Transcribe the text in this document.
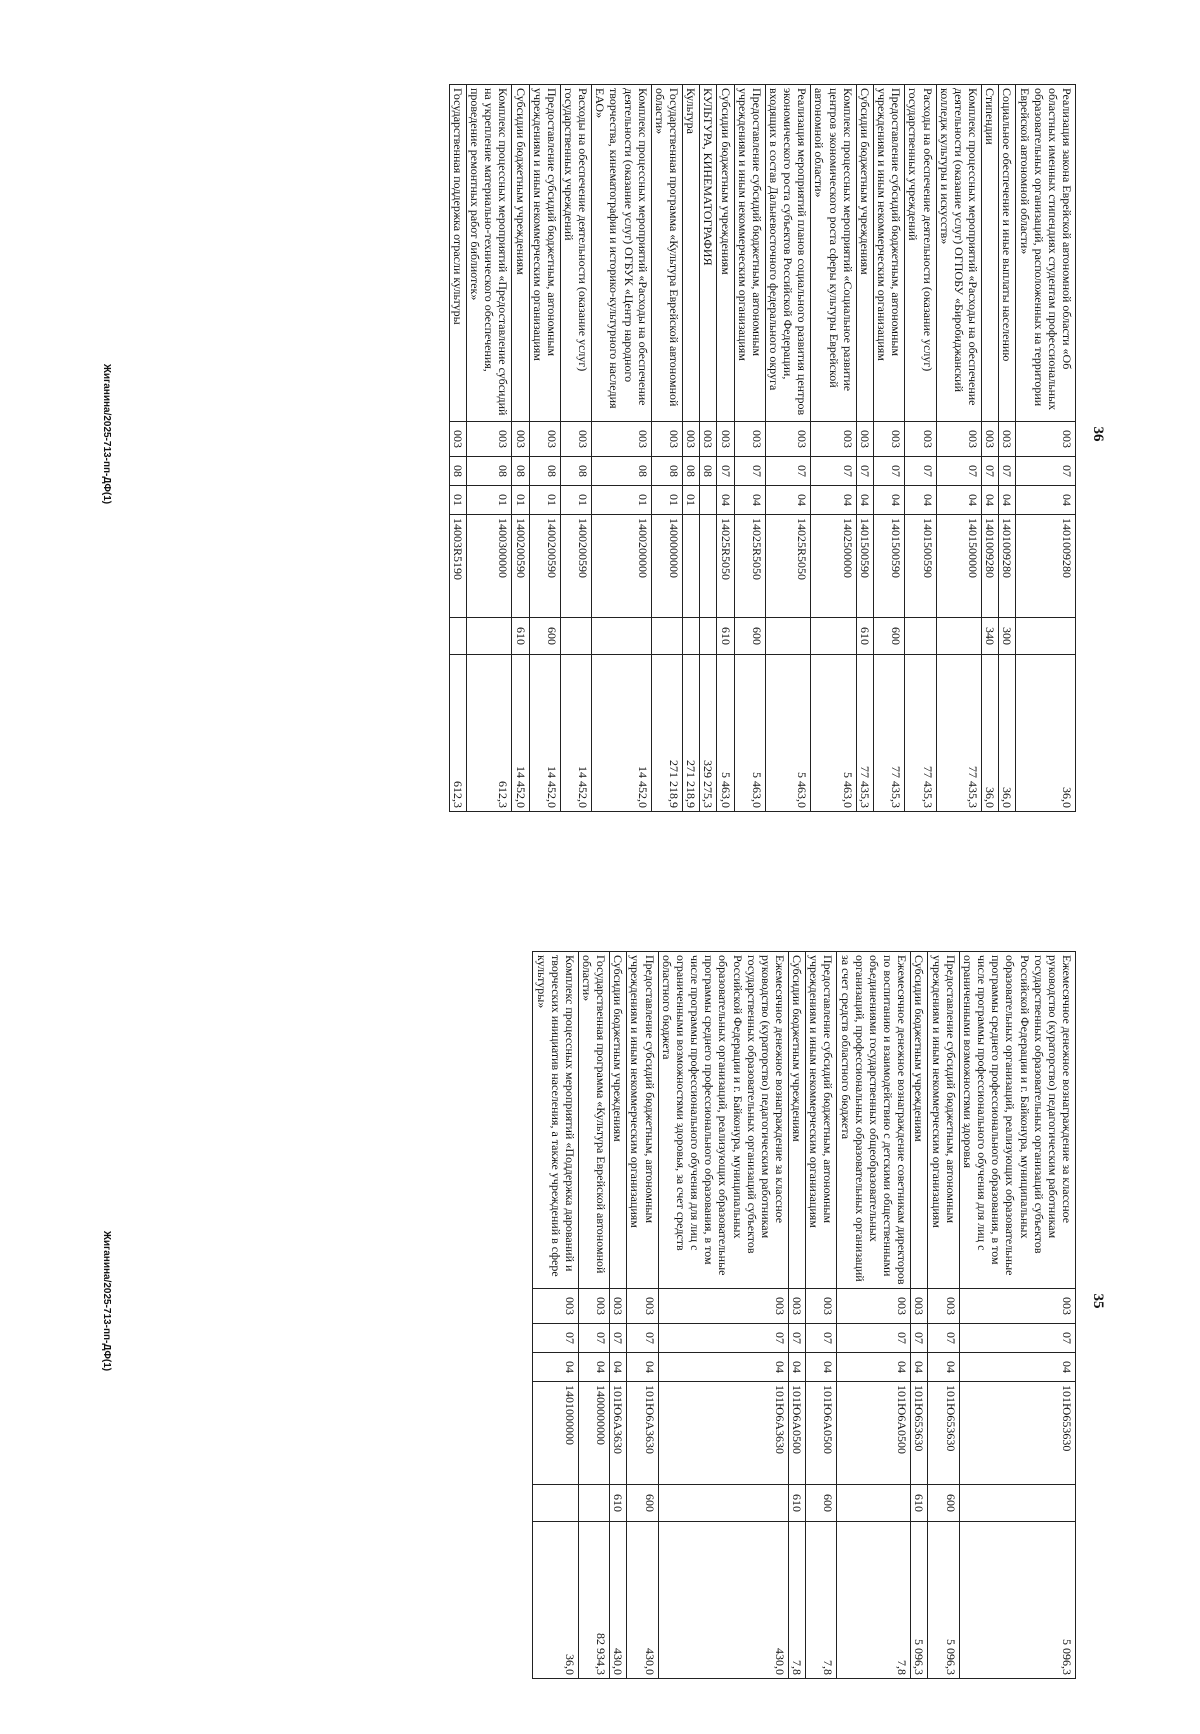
36
Реализация закона Еврейской автономной области «Об областных именных стипендиях студентам профессиональных образовательных организаций, расположенных на территории Еврейской автономной области»	003	07	04	1401009280		36,0
Социальное обеспечение и иные выплаты населению	003	07	04	1401009280	300	36,0
Стипендии	003	07	04	1401009280	340	36,0
Комплекс процессных мероприятий «Расходы на обеспечение деятельности (оказание услуг) ОГПОБУ «Биробиджанский колледж культуры и искусств»	003	07	04	1401500000		77 435,3
Расходы на обеспечение деятельности (оказание услуг) государственных учреждений	003	07	04	1401500590		77 435,3
Предоставление субсидий бюджетным, автономным учреждениям и иным некоммерческим организациям	003	07	04	1401500590	600	77 435,3
Субсидии бюджетным учреждениям	003	07	04	1401500590	610	77 435,3
Комплекс процессных мероприятий «Социальное развитие центров экономического роста сферы культуры Еврейской автономной области»	003	07	04	1402500000		5 463,0
Реализация мероприятий планов социального развития центров экономического роста субъектов Российской Федерации, входящих в состав Дальневосточного федерального округа	003	07	04	14025R5050		5 463,0
Предоставление субсидий бюджетным, автономным учреждениям и иным некоммерческим организациям	003	07	04	14025R5050	600	5 463,0
Субсидии бюджетным учреждениям	003	07	04	14025R5050	610	5 463,0
КУЛЬТУРА, КИНЕМАТОГРАФИЯ	003	08				329 275,3
Культура	003	08	01			271 218,9
Государственная программа «Культура Еврейской автономной области»	003	08	01	1400000000		271 218,9
Комплекс процессных мероприятий «Расходы на обеспечение деятельности (оказание услуг) ОГБУК «Центр народного творчества, кинематографии и историко-культурного наследия ЕАО»	003	08	01	1400200000		14 452,0
Расходы на обеспечение деятельности (оказание услуг) государственных учреждений	003	08	01	1400200590		14 452,0
Предоставление субсидий бюджетным, автономным учреждениям и иным некоммерческим организациям	003	08	01	1400200590	600	14 452,0
Субсидии бюджетным учреждениям	003	08	01	1400200590	610	14 452,0
Комплекс процессных мероприятий «Предоставление субсидий на укрепление материально-технического обеспечения, проведение ремонтных работ библиотек»	003	08	01	1400300000		612,3
Государственная поддержка отрасли культуры	003	08	01	14003R5190		612,3
Жиганина/2025-713-пп-ДФ(1)
35
Ежемесячное денежное вознаграждение за классное руководство (кураторство) педагогическим работникам государственных образовательных организаций субъектов Российской Федерации и г. Байконура, муниципальных образовательных организаций, реализующих образовательные программы среднего профессионального образования, в том числе программы профессионального обучения для лиц с ограниченными возможностями здоровья	003	07	04	101Ю653630		5 096,3
Предоставление субсидий бюджетным, автономным учреждениям и иным некоммерческим организациям	003	07	04	101Ю653630	600	5 096,3
Субсидии бюджетным учреждениям	003	07	04	101Ю653630	610	5 096,3
Ежемесячное денежное вознаграждение советникам директоров по воспитанию и взаимодействию с детскими общественными объединениями государственных общеобразовательных организаций, профессиональных образовательных организаций за счет средств областного бюджета	003	07	04	101Ю6А0500		7,8
Предоставление субсидий бюджетным, автономным учреждениям и иным некоммерческим организациям	003	07	04	101Ю6А0500	600	7,8
Субсидии бюджетным учреждениям	003	07	04	101Ю6А0500	610	7,8
Ежемесячное денежное вознаграждение за классное руководство (кураторство) педагогическим работникам государственных образовательных организаций субъектов Российской Федерации и г. Байконура, муниципальных образовательных организаций, реализующих образовательные программы среднего профессионального образования, в том числе программы профессионального обучения для лиц с ограниченными возможностями здоровья, за счет средств областного бюджета	003	07	04	101Ю6А3630		430,0
Предоставление субсидий бюджетным, автономным учреждениям и иным некоммерческим организациям	003	07	04	101Ю6А3630	600	430,0
Субсидии бюджетным учреждениям	003	07	04	101Ю6А3630	610	430,0
Государственная программа «Культура Еврейской автономной области»	003	07	04	1400000000		82 934,3
Комплекс процессных мероприятий «Поддержка дарований и творческих инициатив населения, а также учреждений в сфере культуры»	003	07	04	1401000000		36,0
Жиганина/2025-713-пп-ДФ(1)
